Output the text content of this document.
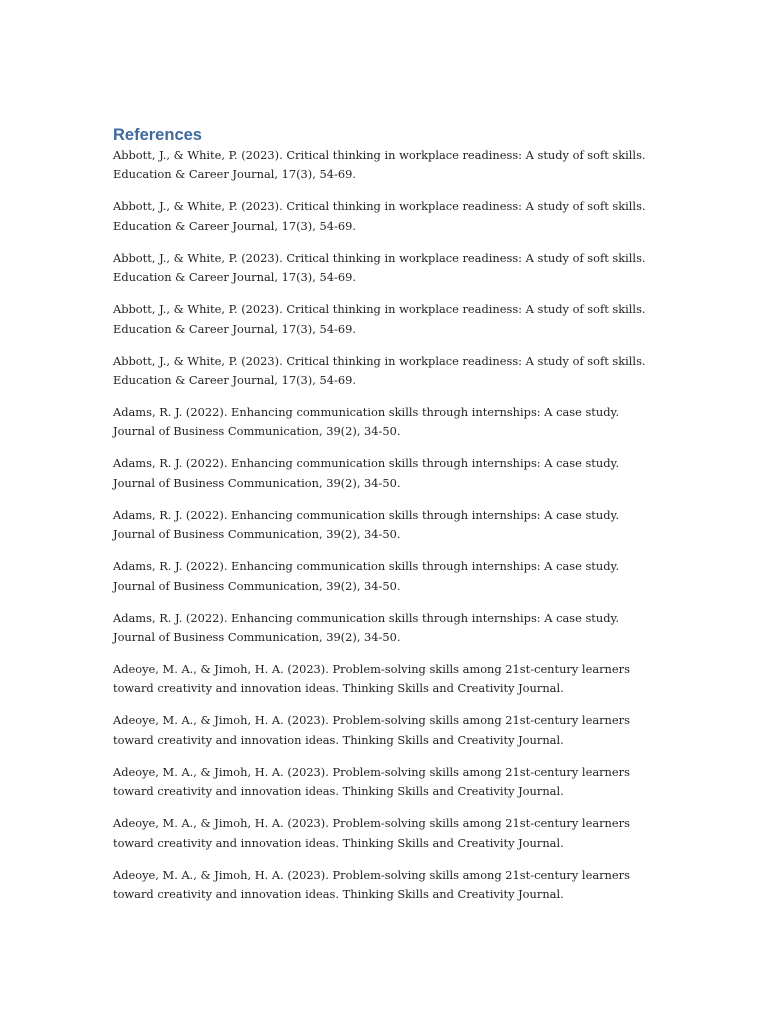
References
Abbott, J., & White, P. (2023). Critical thinking in workplace readiness: A study of soft skills.
Education & Career Journal, 17(3), 54-69.
Abbott, J., & White, P. (2023). Critical thinking in workplace readiness: A study of soft skills.
Education & Career Journal, 17(3), 54-69.
Abbott, J., & White, P. (2023). Critical thinking in workplace readiness: A study of soft skills.
Education & Career Journal, 17(3), 54-69.
Abbott, J., & White, P. (2023). Critical thinking in workplace readiness: A study of soft skills.
Education & Career Journal, 17(3), 54-69.
Abbott, J., & White, P. (2023). Critical thinking in workplace readiness: A study of soft skills.
Education & Career Journal, 17(3), 54-69.
Adams, R. J. (2022). Enhancing communication skills through internships: A case study.
Journal of Business Communication, 39(2), 34-50.
Adams, R. J. (2022). Enhancing communication skills through internships: A case study.
Journal of Business Communication, 39(2), 34-50.
Adams, R. J. (2022). Enhancing communication skills through internships: A case study.
Journal of Business Communication, 39(2), 34-50.
Adams, R. J. (2022). Enhancing communication skills through internships: A case study.
Journal of Business Communication, 39(2), 34-50.
Adams, R. J. (2022). Enhancing communication skills through internships: A case study.
Journal of Business Communication, 39(2), 34-50.
Adeoye, M. A., & Jimoh, H. A. (2023). Problem-solving skills among 21st-century learners
toward creativity and innovation ideas. Thinking Skills and Creativity Journal.
Adeoye, M. A., & Jimoh, H. A. (2023). Problem-solving skills among 21st-century learners
toward creativity and innovation ideas. Thinking Skills and Creativity Journal.
Adeoye, M. A., & Jimoh, H. A. (2023). Problem-solving skills among 21st-century learners
toward creativity and innovation ideas. Thinking Skills and Creativity Journal.
Adeoye, M. A., & Jimoh, H. A. (2023). Problem-solving skills among 21st-century learners
toward creativity and innovation ideas. Thinking Skills and Creativity Journal.
Adeoye, M. A., & Jimoh, H. A. (2023). Problem-solving skills among 21st-century learners
toward creativity and innovation ideas. Thinking Skills and Creativity Journal.
